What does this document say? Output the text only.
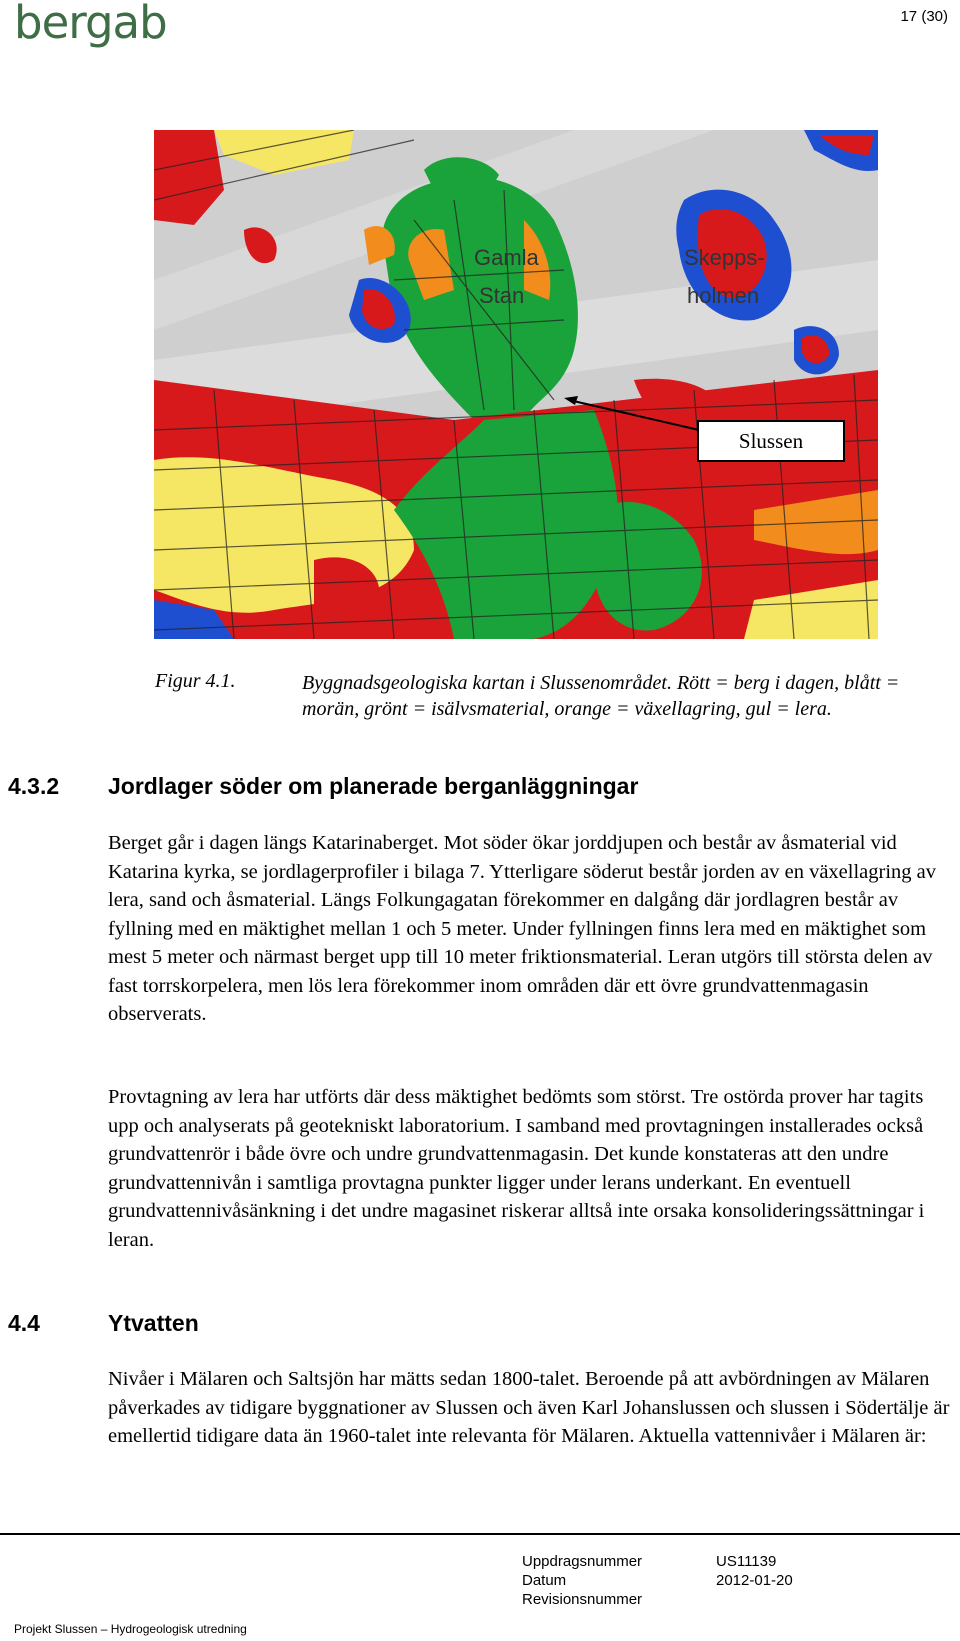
bergab	17 (30)
Gamla
Stan
Skepps-
holmen
Slussen
Figur 4.1.	Byggnadsgeologiska kartan i Slussenområdet. Rött = berg i dagen, blått = morän, grönt = isälvsmaterial, orange = växellagring, gul = lera.
4.3.2 Jordlager söder om planerade berganläggningar
Berget går i dagen längs Katarinaberget. Mot söder ökar jorddjupen och består av åsmaterial vid Katarina kyrka, se jordlagerprofiler i bilaga 7. Ytterligare söderut består jorden av en växellagring av lera, sand och åsmaterial. Längs Folkungagatan förekommer en dalgång där jordlagren består av fyllning med en mäktighet mellan 1 och 5 meter. Under fyllningen finns lera med en mäktighet som mest 5 meter och närmast berget upp till 10 meter friktionsmaterial. Leran utgörs till största delen av fast torrskorpelera, men lös lera förekommer inom områden där ett övre grundvattenmagasin observerats.
Provtagning av lera har utförts där dess mäktighet bedömts som störst. Tre ostörda prover har tagits upp och analyserats på geotekniskt laboratorium. I samband med provtagningen installerades också grundvattenrör i både övre och undre grundvattenmagasin. Det kunde konstateras att den undre grundvattennivån i samtliga provtagna punkter ligger under lerans underkant. En eventuell grundvattennivåsänkning i det undre magasinet riskerar alltså inte orsaka konsolideringssättningar i leran.
4.4	Ytvatten
Nivåer i Mälaren och Saltsjön har mätts sedan 1800-talet. Beroende på att avbördningen av Mälaren påverkades av tidigare byggnationer av Slussen och även Karl Johanslussen och slussen i Södertälje är emellertid tidigare data än 1960-talet inte relevanta för Mälaren. Aktuella vattennivåer i Mälaren är:
Uppdragsnummer	US11139
Datum	2012-01-20
Revisionsnummer
Projekt Slussen – Hydrogeologisk utredning
